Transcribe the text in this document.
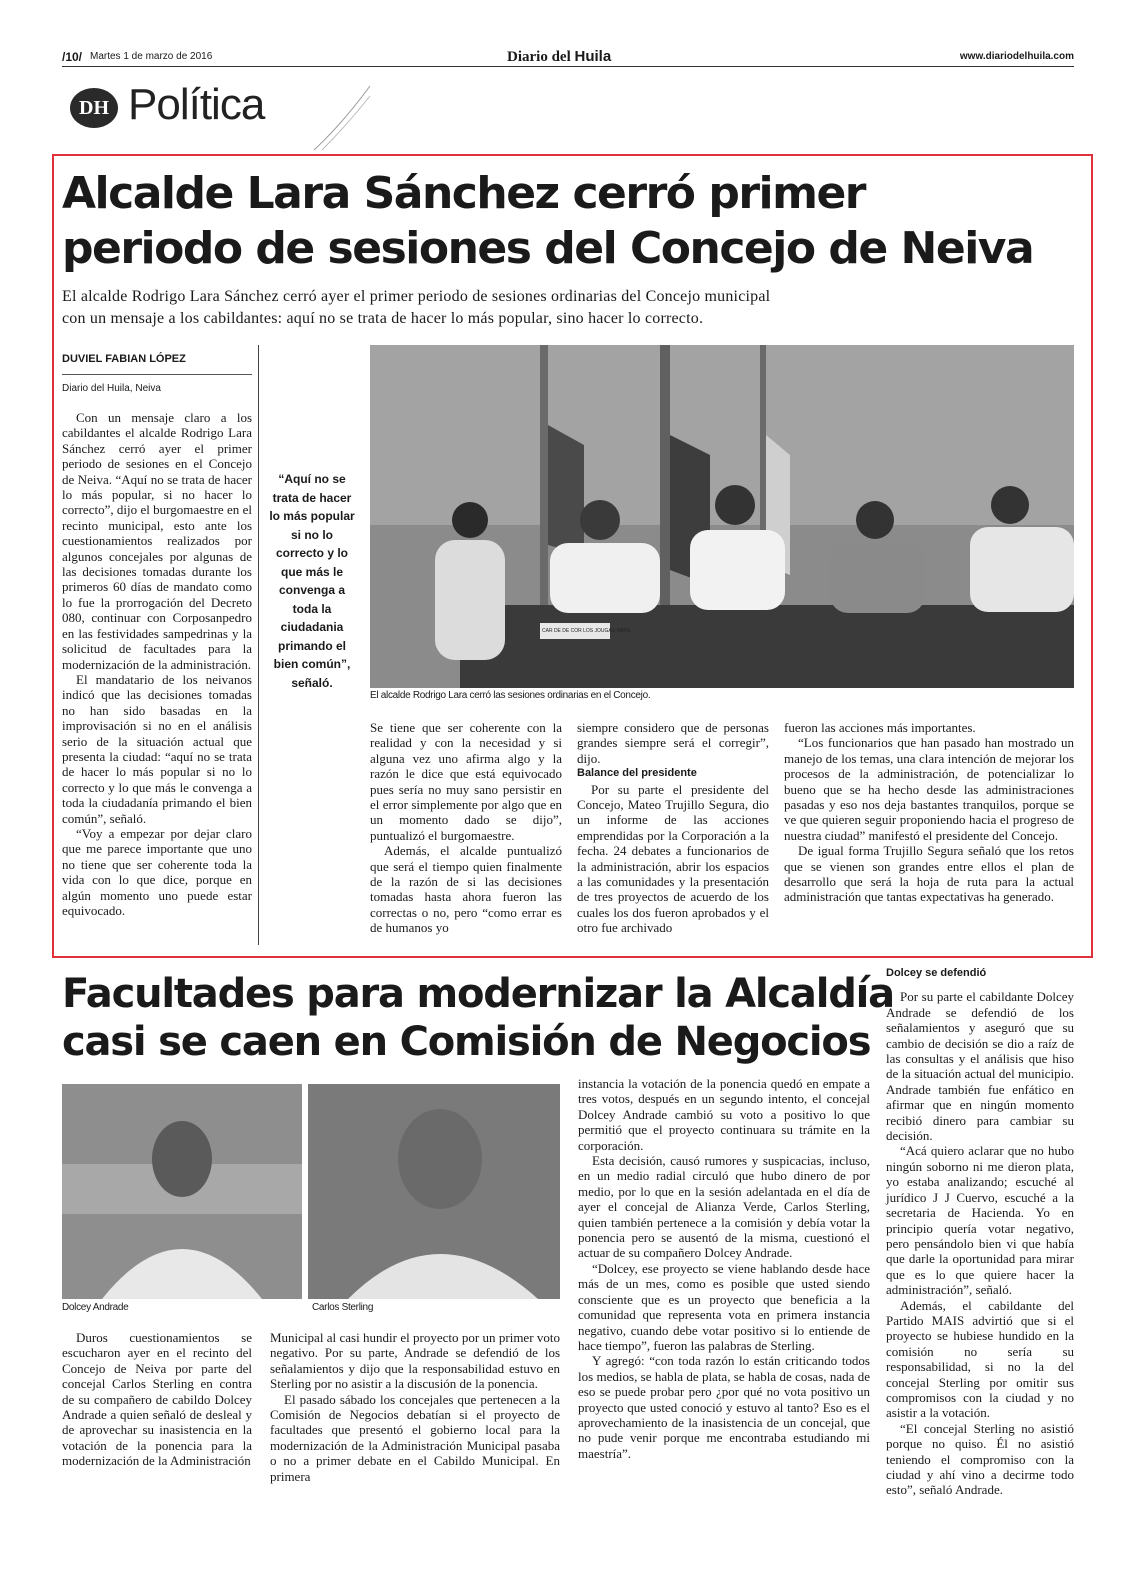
/10/ Martes 1 de marzo de 2016	Diario del Huila	www.diariodelhuila.com
DH Política
Alcalde Lara Sánchez cerró primer
periodo de sesiones del Concejo de Neiva
El alcalde Rodrigo Lara Sánchez cerró ayer el primer periodo de sesiones ordinarias del Concejo municipal
con un mensaje a los cabildantes: aquí no se trata de hacer lo más popular, sino hacer lo correcto.
DUVIEL FABIAN LÓPEZ
Diario del Huila, Neiva

Con un mensaje claro a los cabildantes el alcalde Rodrigo Lara Sánchez cerró ayer el primer periodo de sesiones en el Concejo de Neiva. “Aquí no se trata de hacer lo más popular, si no hacer lo correcto”, dijo el burgomaestre en el recinto municipal, esto ante los cuestionamientos realizados por algunos concejales por algunas de las decisiones tomadas durante los primeros 60 días de mandato como lo fue la prorrogación del Decreto 080, continuar con Corposanpedro en las festividades sampedrinas y la solicitud de facultades para la modernización de la administración.

El mandatario de los neivanos indicó que las decisiones tomadas no han sido basadas en la improvisación si no en el análisis serio de la situación actual que presenta la ciudad: “aquí no se trata de hacer lo más popular si no lo correcto y lo que más le convenga a toda la ciudadanía primando el bien común”, señaló.

“Voy a empezar por dejar claro que me parece importante que uno no tiene que ser coherente toda la vida con lo que dice, porque en algún momento uno puede estar equivocado.

“Aquí no se trata de hacer lo más popular si no lo correcto y lo que más le convenga a toda la ciudadania primando el bien común”, señaló.
CAR DE DE COR LOS JOUGAS MAPE
El alcalde Rodrigo Lara cerró las sesiones ordinarias en el Concejo.

Se tiene que ser coherente con la realidad y con la necesidad y si alguna vez uno afirma algo y la razón le dice que está equivocado pues sería no muy sano persistir en el error simplemente por algo que en un momento dado se dijo”, puntualizó el burgomaestre.

Además, el alcalde puntualizó que será el tiempo quien finalmente de la razón de si las decisiones tomadas hasta ahora fueron las correctas o no, pero “como errar es de humanos yo

siempre considero que de personas grandes siempre será el corregir”, dijo.

Balance del presidente

Por su parte el presidente del Concejo, Mateo Trujillo Segura, dio un informe de las acciones emprendidas por la Corporación a la fecha. 24 debates a funcionarios de la administración, abrir los espacios a las comunidades y la presentación de tres proyectos de acuerdo de los cuales los dos fueron aprobados y el otro fue archivado

fueron las acciones más importantes.

“Los funcionarios que han pasado han mostrado un manejo de los temas, una clara intención de mejorar los procesos de la administración, de potencializar lo bueno que se ha hecho desde las administraciones pasadas y eso nos deja bastantes tranquilos, porque se ve que quieren seguir proponiendo hacia el progreso de nuestra ciudad” manifestó el presidente del Concejo.

De igual forma Trujillo Segura señaló que los retos que se vienen son grandes entre ellos el plan de desarrollo que será la hoja de ruta para la actual administración que tantas expectativas ha generado.

Facultades para modernizar la Alcaldía
casi se caen en Comisión de Negocios
Dolcey Andrade	Carlos Sterling

Duros cuestionamientos se escucharon ayer en el recinto del Concejo de Neiva por parte del concejal Carlos Sterling en contra de su compañero de cabildo Dolcey Andrade a quien señaló de desleal y de aprovechar su inasistencia en la votación de la ponencia para la modernización de la Administración

Municipal al casi hundir el proyecto por un primer voto negativo. Por su parte, Andrade se defendió de los señalamientos y dijo que la responsabilidad estuvo en Sterling por no asistir a la discusión de la ponencia.

El pasado sábado los concejales que pertenecen a la Comisión de Negocios debatían si el proyecto de facultades que presentó el gobierno local para la modernización de la Administración Municipal pasaba o no a primer debate en el Cabildo Municipal. En primera

instancia la votación de la ponencia quedó en empate a tres votos, después en un segundo intento, el concejal Dolcey Andrade cambió su voto a positivo lo que permitió que el proyecto continuara su trámite en la corporación.

Esta decisión, causó rumores y suspicacias, incluso, en un medio radial circuló que hubo dinero de por medio, por lo que en la sesión adelantada en el día de ayer el concejal de Alianza Verde, Carlos Sterling, quien también pertenece a la comisión y debía votar la ponencia pero se ausentó de la misma, cuestionó el actuar de su compañero Dolcey Andrade.

“Dolcey, ese proyecto se viene hablando desde hace más de un mes, como es posible que usted siendo consciente que es un proyecto que beneficia a la comunidad que representa vota en primera instancia negativo, cuando debe votar positivo si lo entiende de hace tiempo”, fueron las palabras de Sterling.

Y agregó: “con toda razón lo están criticando todos los medios, se habla de plata, se habla de cosas, nada de eso se puede probar pero ¿por qué no vota positivo un proyecto que usted conoció y estuvo al tanto? Eso es el aprovechamiento de la inasistencia de un concejal, que no pude venir porque me encontraba estudiando mi maestría”.

Dolcey se defendió

Por su parte el cabildante Dolcey Andrade se defendió de los señalamientos y aseguró que su cambio de decisión se dio a raíz de las consultas y el análisis que hiso de la situación actual del municipio. Andrade también fue enfático en afirmar que en ningún momento recibió dinero para cambiar su decisión.

“Acá quiero aclarar que no hubo ningún soborno ni me dieron plata, yo estaba analizando; escuché al jurídico J J Cuervo, escuché a la secretaria de Hacienda. Yo en principio quería votar negativo, pero pensándolo bien vi que había que darle la oportunidad para mirar que es lo que quiere hacer la administración”, señaló.

Además, el cabildante del Partido MAIS advirtió que si el proyecto se hubiese hundido en la comisión no sería su responsabilidad, si no la del concejal Sterling por omitir sus compromisos con la ciudad y no asistir a la votación.

“El concejal Sterling no asistió porque no quiso. Él no asistió teniendo el compromiso con la ciudad y ahí vino a decirme todo esto”, señaló Andrade.
